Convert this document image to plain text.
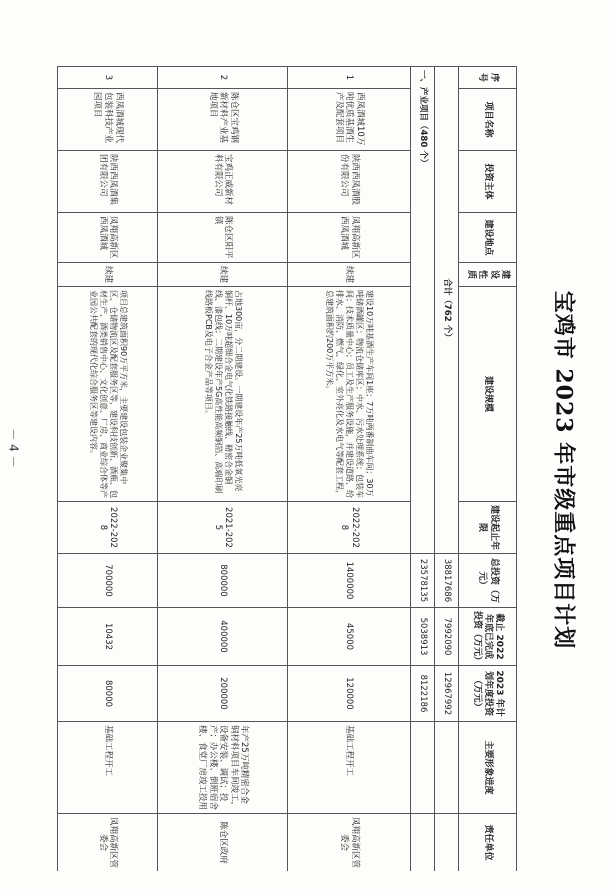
宝鸡市 2023 年市级重点项目计划
－ 4 －
序号	项目名称	投资主体	建设地点	建设性质	建设规模	建设起止年限	总投资（万元）	截止 2022 年底已完成投资（万元）	2023 年计划年度投资（万元）	主要形象进度	责任单位
合计（762 个）							38817686	7992090	12967992		
一、产业项目（480 个）							23578135	5038913	8122186		
1	西凤酒城10万吨优质基酒生产及配套项目	陕西西凤酒股份有限公司	凤翔高新区西凤酒城	续建	建设10万吨基酒生产车间1座；7万吨两番制曲车间；30万吨储酒罐区；物流仓储库区；中水、污水处理系统；包装车间；技术质量中心；员工及生产服务设施，并建设道路、给排水、消防、燃气、绿化、室外亮化及水电气等配套工程，总建筑面积约200万平方米。	2022-2028	1400000	45000	120000	基础工程开工	凤翔高新区管委会
2	陈仓区宝鸡钢新材料产业基地项目	宝鸡正威新材料有限公司	陈仓区阳平镇	续建	占地300亩，分二期建设。一期建设年产25万吨低氧光亮铜杆、10万吨超细合金电气化铁路接触线、精密合金铜线、漆包线；二期建设年产5G高性能高频铜箔、高端印刷线路板PCB及电子合金产品等项目。	2021-2025	800000	400000	200000	年产25万吨精密合金铜材料项目车间竣工，设备安装、调试；投产；办公楼、倒班宿舍楼、食堂厂房竣工投用	陈仓区政府
3	西凤酒城现代包装科技产业园项目	陕西西凤酒集团有限公司	凤翔高新区西凤酒城	续建	项目总建筑面积90万平方米，主要建设包装企业聚集中区、仓储物流区及配套服务区等，建设科技创新、酒瓶、包材生产、酒类销售中心、文化创意、厂房、商业综合体等产业园公共配套的现代化综合服务区等建设内容。	2022-2028	700000	10432	80000	基础工程开工	凤翔高新区管委会
